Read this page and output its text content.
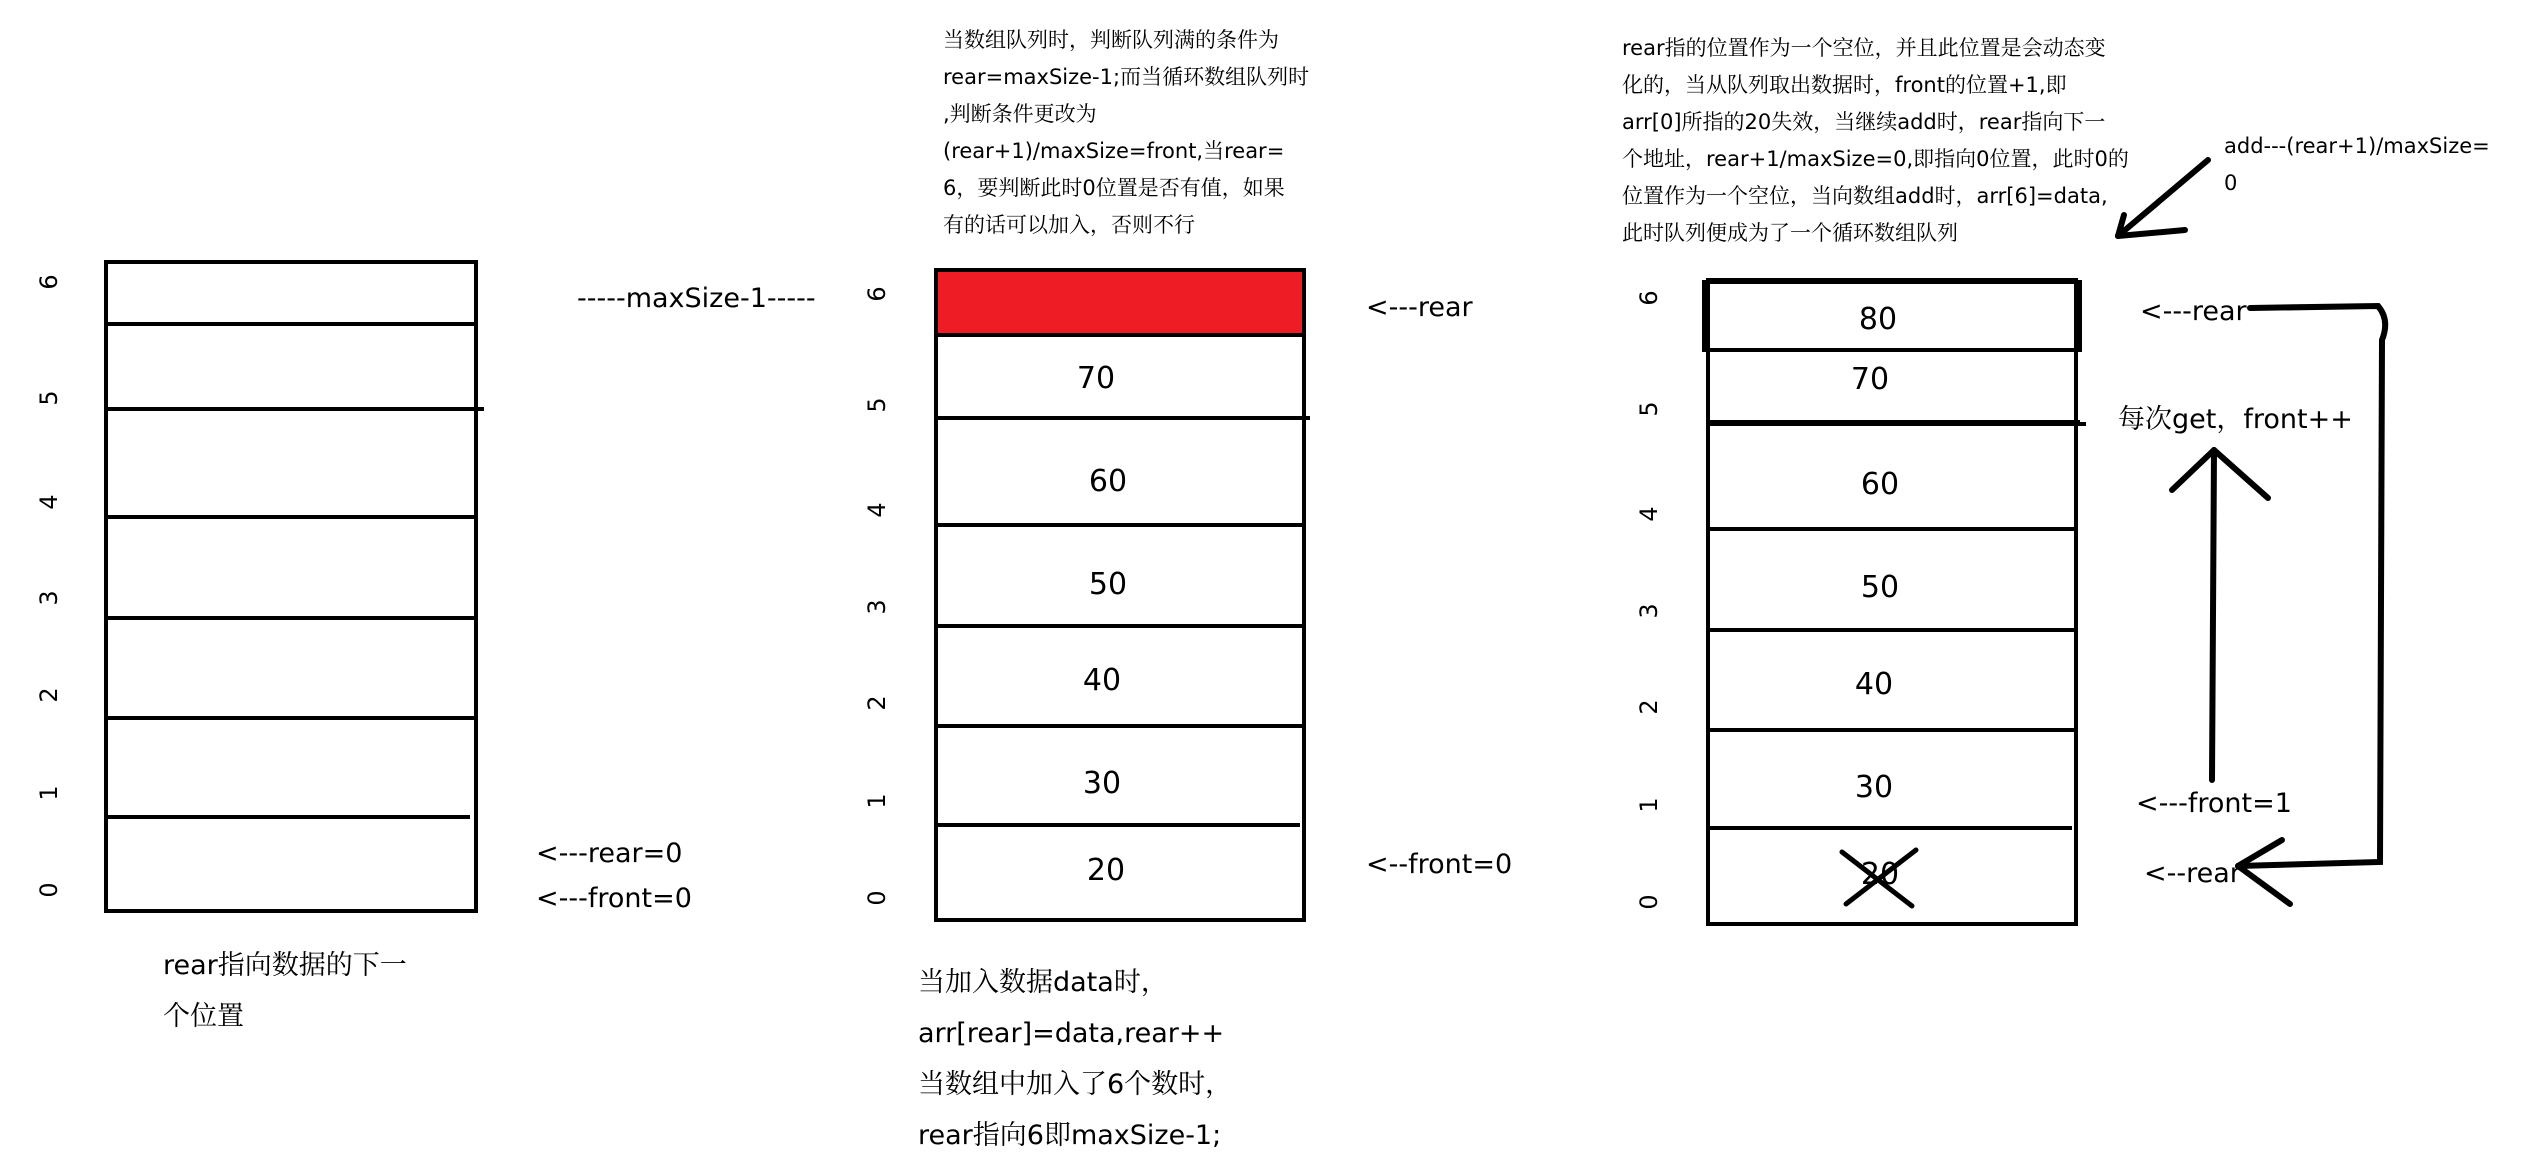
6
5
4
3
2
1
0
-----maxSize-1-----
<---rear=0
<---front=0
rear指向数据的下一
个位置
当数组队列时，判断队列满的条件为
rear=maxSize-1;而当循环数组队列时
,判断条件更改为
(rear+1)/maxSize=front,当rear=
6，要判断此时0位置是否有值，如果
有的话可以加入，否则不行
6
5
4
3
2
1
0
70
60
50
40
30
20
<---rear
<--front=0
当加入数据data时，
arr[rear]=data,rear++
当数组中加入了6个数时，
rear指向6即maxSize-1;
rear指的位置作为一个空位，并且此位置是会动态变
化的，当从队列取出数据时，front的位置+1,即
arr[0]所指的20失效，当继续add时，rear指向下一
个地址，rear+1/maxSize=0,即指向0位置，此时0的
位置作为一个空位，当向数组add时，arr[6]=data,
此时队列便成为了一个循环数组队列
add---(rear+1)/maxSize=
0
6
5
4
3
2
1
0
80
70
60
50
40
30
20
<---rear
每次get，front++
<---front=1
<--rear
